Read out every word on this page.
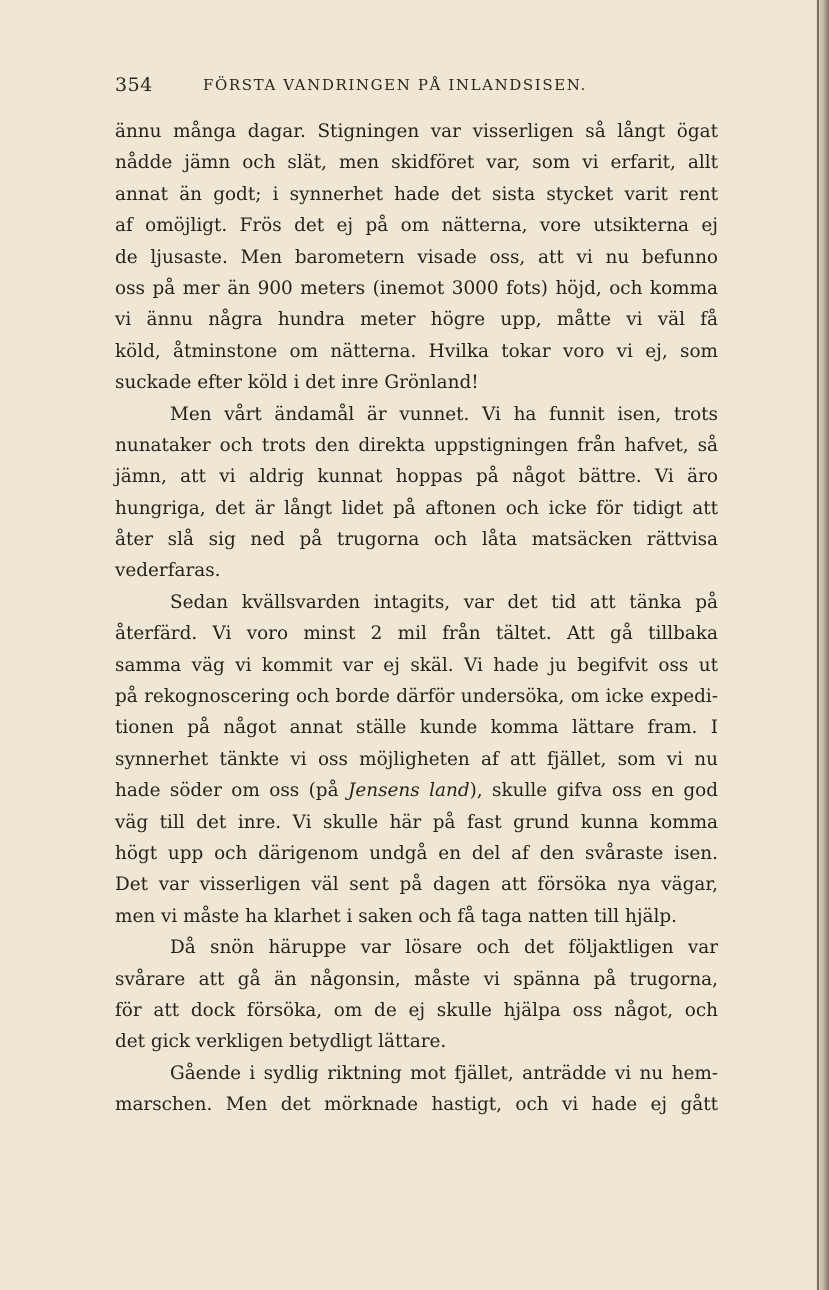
354	FÖRSTA VANDRINGEN PÅ INLANDSISEN.
ännu många dagar. Stigningen var visserligen så långt ögat
nådde jämn och slät, men skidföret var, som vi erfarit, allt
annat än godt; i synnerhet hade det sista stycket varit rent
af omöjligt. Frös det ej på om nätterna, vore utsikterna ej
de ljusaste. Men barometern visade oss, att vi nu befunno
oss på mer än 900 meters (inemot 3000 fots) höjd, och komma
vi ännu några hundra meter högre upp, måtte vi väl få
köld, åtminstone om nätterna. Hvilka tokar voro vi ej, som
suckade efter köld i det inre Grönland!
Men vårt ändamål är vunnet. Vi ha funnit isen, trots
nunataker och trots den direkta uppstigningen från hafvet, så
jämn, att vi aldrig kunnat hoppas på något bättre. Vi äro
hungriga, det är långt lidet på aftonen och icke för tidigt att
åter slå sig ned på trugorna och låta matsäcken rättvisa
vederfaras.
Sedan kvällsvarden intagits, var det tid att tänka på
återfärd. Vi voro minst 2 mil från tältet. Att gå tillbaka
samma väg vi kommit var ej skäl. Vi hade ju begifvit oss ut
på rekognoscering och borde därför undersöka, om icke expedi-
tionen på något annat ställe kunde komma lättare fram. I
synnerhet tänkte vi oss möjligheten af att fjället, som vi nu
hade söder om oss (på Jensens land), skulle gifva oss en god
väg till det inre. Vi skulle här på fast grund kunna komma
högt upp och därigenom undgå en del af den svåraste isen.
Det var visserligen väl sent på dagen att försöka nya vägar,
men vi måste ha klarhet i saken och få taga natten till hjälp.
Då snön häruppe var lösare och det följaktligen var
svårare att gå än någonsin, måste vi spänna på trugorna,
för att dock försöka, om de ej skulle hjälpa oss något, och
det gick verkligen betydligt lättare.
Gående i sydlig riktning mot fjället, anträdde vi nu hem-
marschen. Men det mörknade hastigt, och vi hade ej gått
